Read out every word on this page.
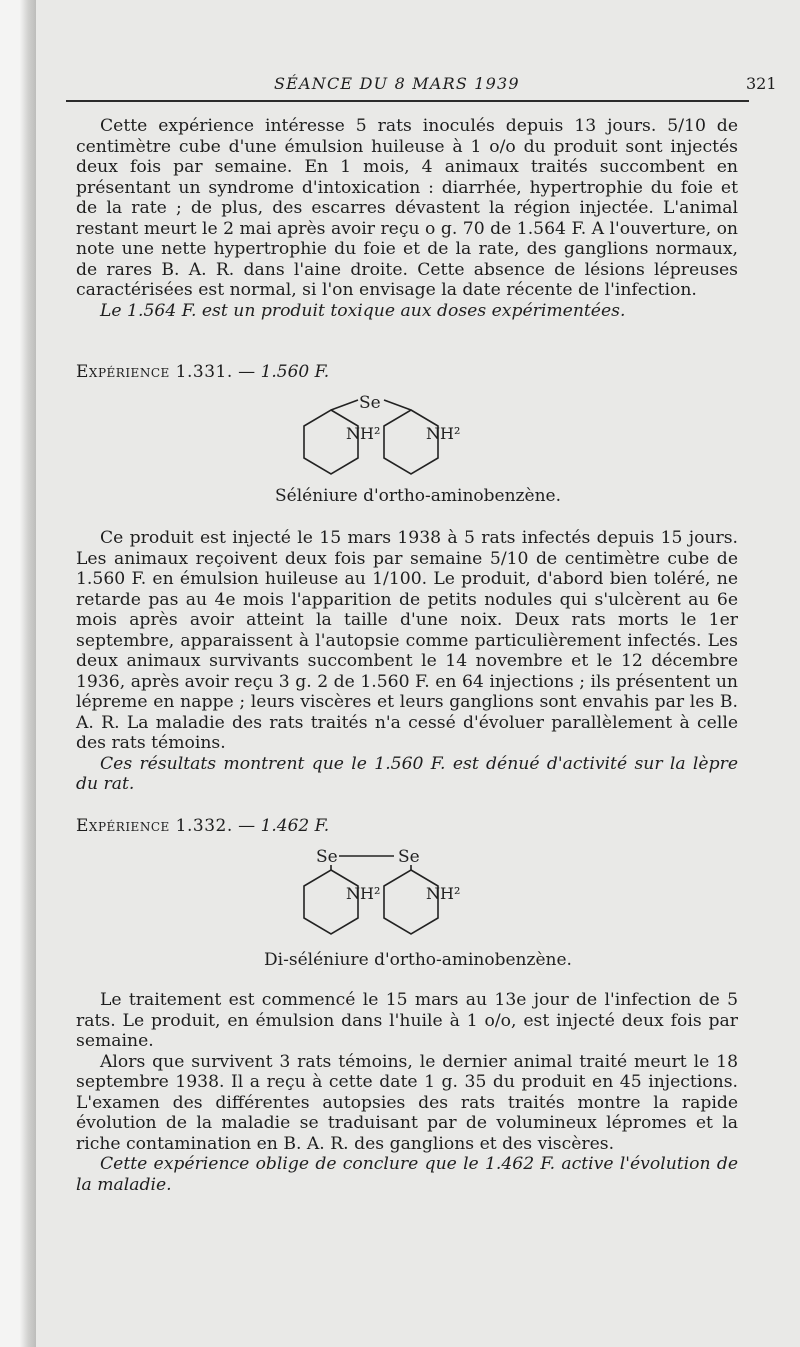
SÉANCE DU 8 MARS 1939	321

Cette expérience intéresse 5 rats inoculés depuis 13 jours. 5/10 de centimètre cube d'une émulsion huileuse à 1 o/o du produit sont injectés deux fois par semaine. En 1 mois, 4 animaux traités succombent en présentant un syndrome d'intoxication : diarrhée, hypertrophie du foie et de la rate ; de plus, des escarres dévastent la région injectée. L'animal restant meurt le 2 mai après avoir reçu o g. 70 de 1.564 F. A l'ouverture, on note une nette hypertrophie du foie et de la rate, des ganglions normaux, de rares B. A. R. dans l'aine droite. Cette absence de lésions lépreuses caractérisées est normal, si l'on envisage la date récente de l'infection.

Le 1.564 F. est un produit toxique aux doses expérimentées.

Expérience 1.331. — 1.560 F.
Se
NH²	NH²
Séléniure d'ortho-aminobenzène.

Ce produit est injecté le 15 mars 1938 à 5 rats infectés depuis 15 jours. Les animaux reçoivent deux fois par semaine 5/10 de centimètre cube de 1.560 F. en émulsion huileuse au 1/100. Le produit, d'abord bien toléré, ne retarde pas au 4e mois l'apparition de petits nodules qui s'ulcèrent au 6e mois après avoir atteint la taille d'une noix. Deux rats morts le 1er septembre, apparaissent à l'autopsie comme particulièrement infectés. Les deux animaux survivants succombent le 14 novembre et le 12 décembre 1936, après avoir reçu 3 g. 2 de 1.560 F. en 64 injections ; ils présentent un lépreme en nappe ; leurs viscères et leurs ganglions sont envahis par les B. A. R. La maladie des rats traités n'a cessé d'évoluer parallèlement à celle des rats témoins.

Ces résultats montrent que le 1.560 F. est dénué d'activité sur la lèpre du rat.

Expérience 1.332. — 1.462 F.
Se	Se
NH²	NH²
Di-séléniure d'ortho-aminobenzène.

Le traitement est commencé le 15 mars au 13e jour de l'infection de 5 rats. Le produit, en émulsion dans l'huile à 1 o/o, est injecté deux fois par semaine.

Alors que survivent 3 rats témoins, le dernier animal traité meurt le 18 septembre 1938. Il a reçu à cette date 1 g. 35 du produit en 45 injections. L'examen des différentes autopsies des rats traités montre la rapide évolution de la maladie se traduisant par de volumineux lépromes et la riche contamination en B. A. R. des ganglions et des viscères.

Cette expérience oblige de conclure que le 1.462 F. active l'évolution de la maladie.
